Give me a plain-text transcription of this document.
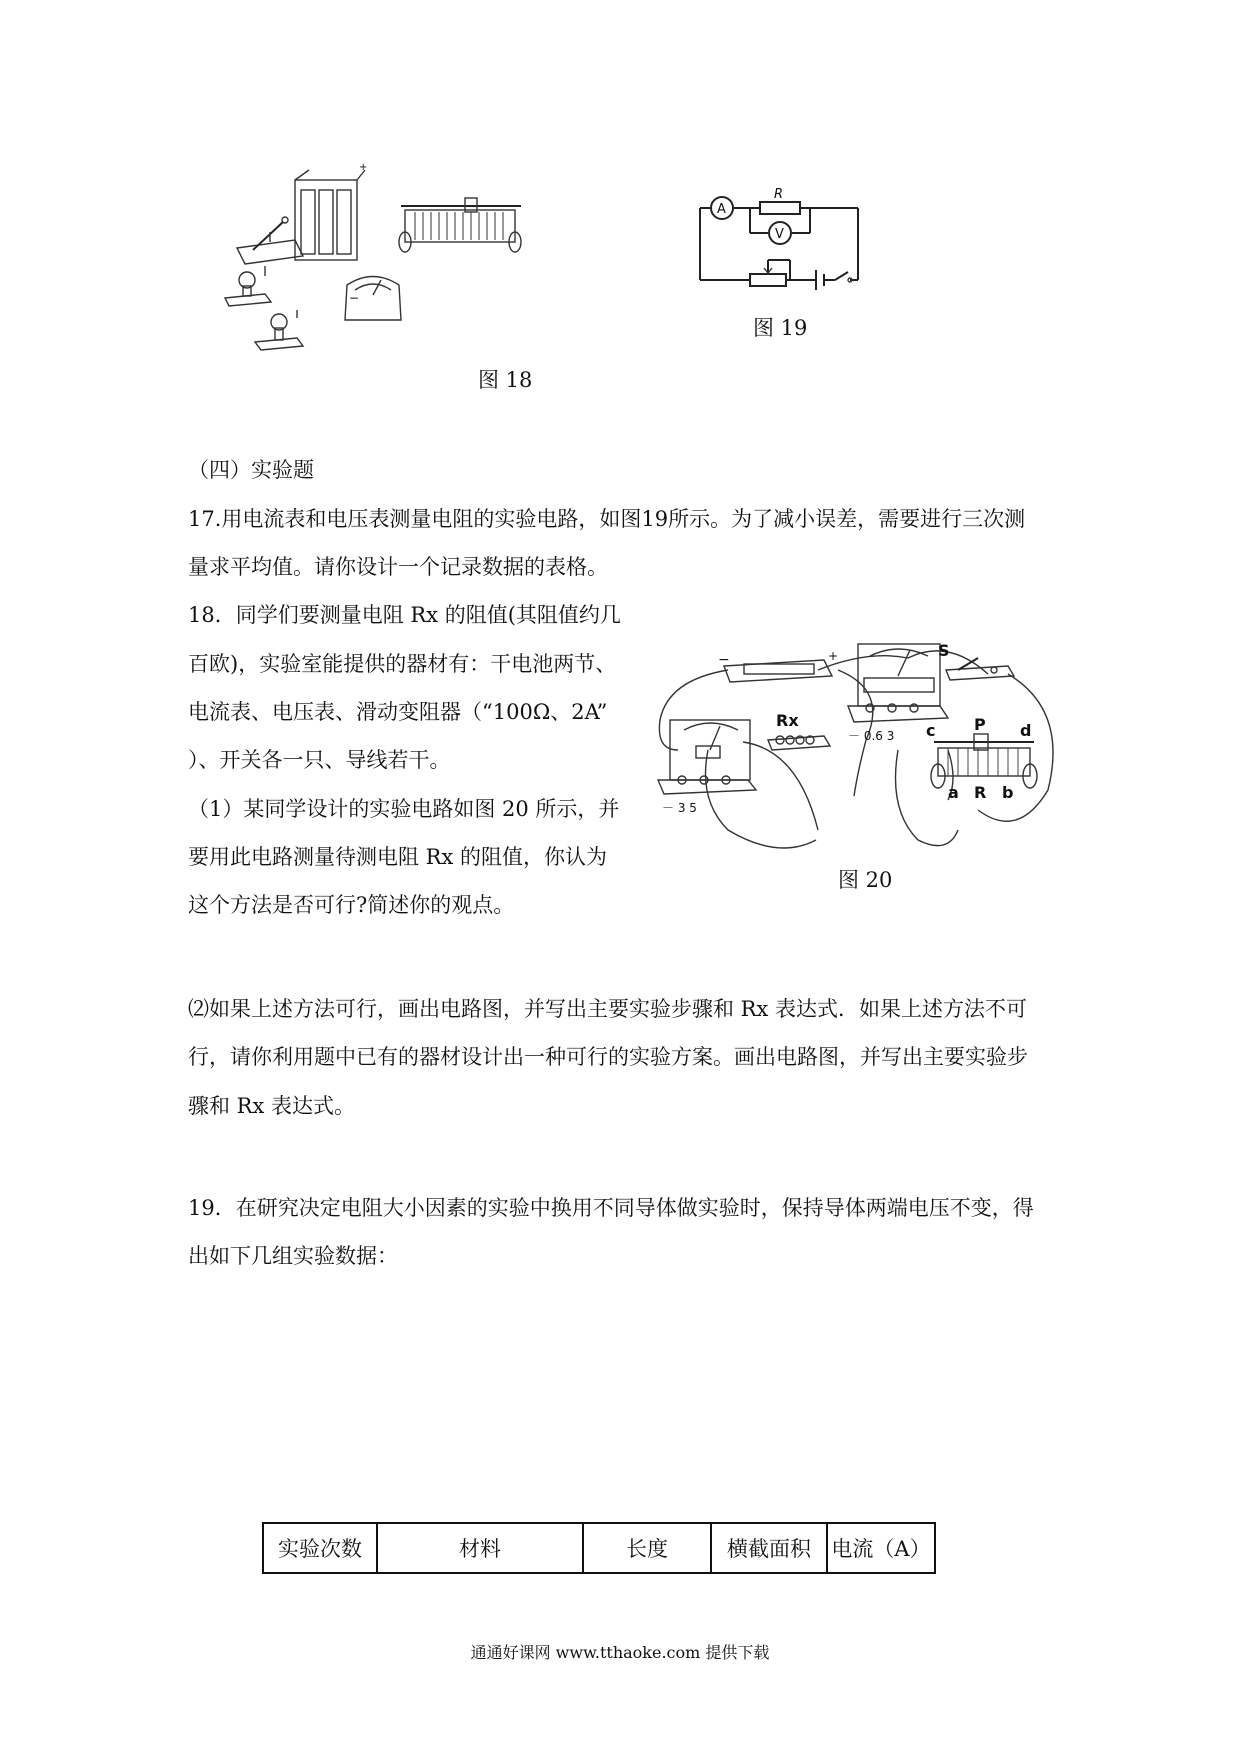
+
−
图 18
A
R
V
图 19
（四）实验题
17.用电流表和电压表测量电阻的实验电路，如图19所示。为了减小误差，需要进行三次测
量求平均值。请你设计一个记录数据的表格。
18．同学们要测量电阻 Rx 的阻值(其阻值约几
百欧)，实验室能提供的器材有：干电池两节、
电流表、电压表、滑动变阻器（“100Ω、2A”
）、开关各一只、导线若干。
（1）某同学设计的实验电路如图 20 所示，并
要用此电路测量待测电阻 Rx 的阻值，你认为
这个方法是否可行?简述你的观点。
−	+
－ 3 5
－ 0.6 3
S
Rx
c P d
a R b
图 20
⑵如果上述方法可行，画出电路图，并写出主要实验步骤和 Rx 表达式．如果上述方法不可
行，请你利用题中已有的器材设计出一种可行的实验方案。画出电路图，并写出主要实验步
骤和 Rx 表达式。
19．在研究决定电阻大小因素的实验中换用不同导体做实验时，保持导体两端电压不变，得
出如下几组实验数据：
实验次数	材料	长度	横截面积	电流（A）
通通好课网 www.tthaoke.com 提供下载
